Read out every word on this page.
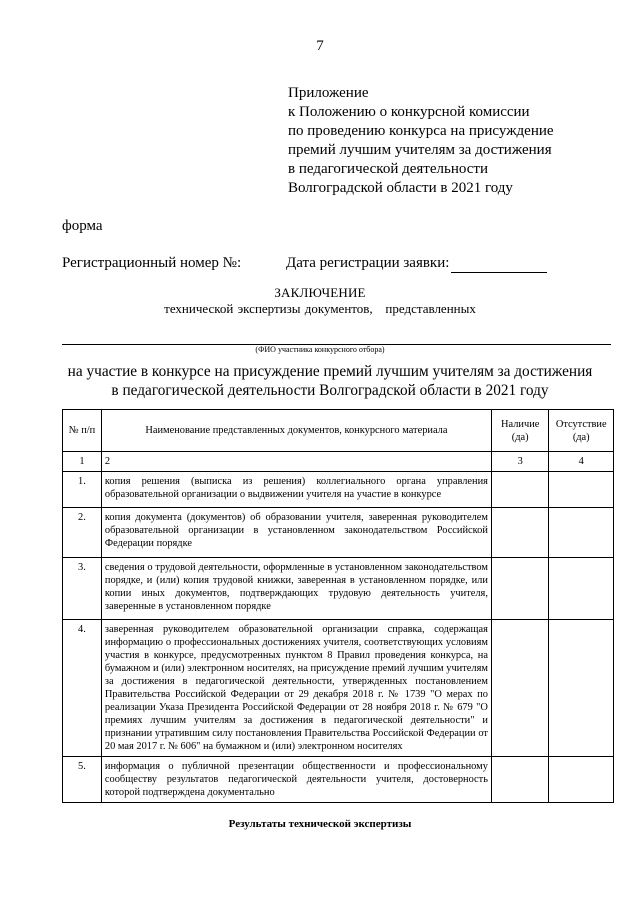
7
Приложение
к Положению о конкурсной комиссии
по проведению конкурса на присуждение
премий лучшим учителям за достижения
в педагогической деятельности
Волгоградской области в 2021 году
форма
Регистрационный номер №:	Дата регистрации заявки:
ЗАКЛЮЧЕНИЕ
технической экспертизы документов,   представленных
(ФИО участника конкурсного отбора)
на участие в конкурсе на присуждение премий лучшим учителям за достижения
в педагогической деятельности Волгоградской области в 2021 году
№ п/п	Наименование представленных документов, конкурсного материала	Наличие (да)	Отсутствие (да)
1	2	3	4
1.	копия решения (выписка из решения) коллегиального органа управления образовательной организации о выдвижении учителя на участие в конкурсе		
2.	копия документа (документов) об образовании учителя, заверенная руководителем образовательной организации в установленном законодательством Российской Федерации порядке		
3.	сведения о трудовой деятельности, оформленные в установленном законодательством порядке, и (или) копия трудовой книжки, заверенная в установленном порядке, или копии иных документов, подтверждающих трудовую деятельность учителя, заверенные в установленном порядке		
4.	заверенная руководителем образовательной организации справка, содержащая информацию о профессиональных достижениях учителя, соответствующих условиям участия в конкурсе, предусмотренных пунктом 8 Правил проведения конкурса, на бумажном и (или) электронном носителях, на присуждение премий лучшим учителям за достижения в педагогической деятельности, утвержденных постановлением Правительства Российской Федерации от 29 декабря 2018 г. № 1739 "О мерах по реализации Указа Президента Российской Федерации от 28 ноября 2018 г. № 679 "О премиях лучшим учителям за достижения в педагогической деятельности" и признании утратившим силу постановления Правительства Российской Федерации от 20 мая 2017 г. № 606" на бумажном и (или) электронном носителях		
5.	информация о публичной презентации общественности и профессиональному сообществу результатов педагогической деятельности учителя, достоверность которой подтверждена документально		
Результаты технической экспертизы
